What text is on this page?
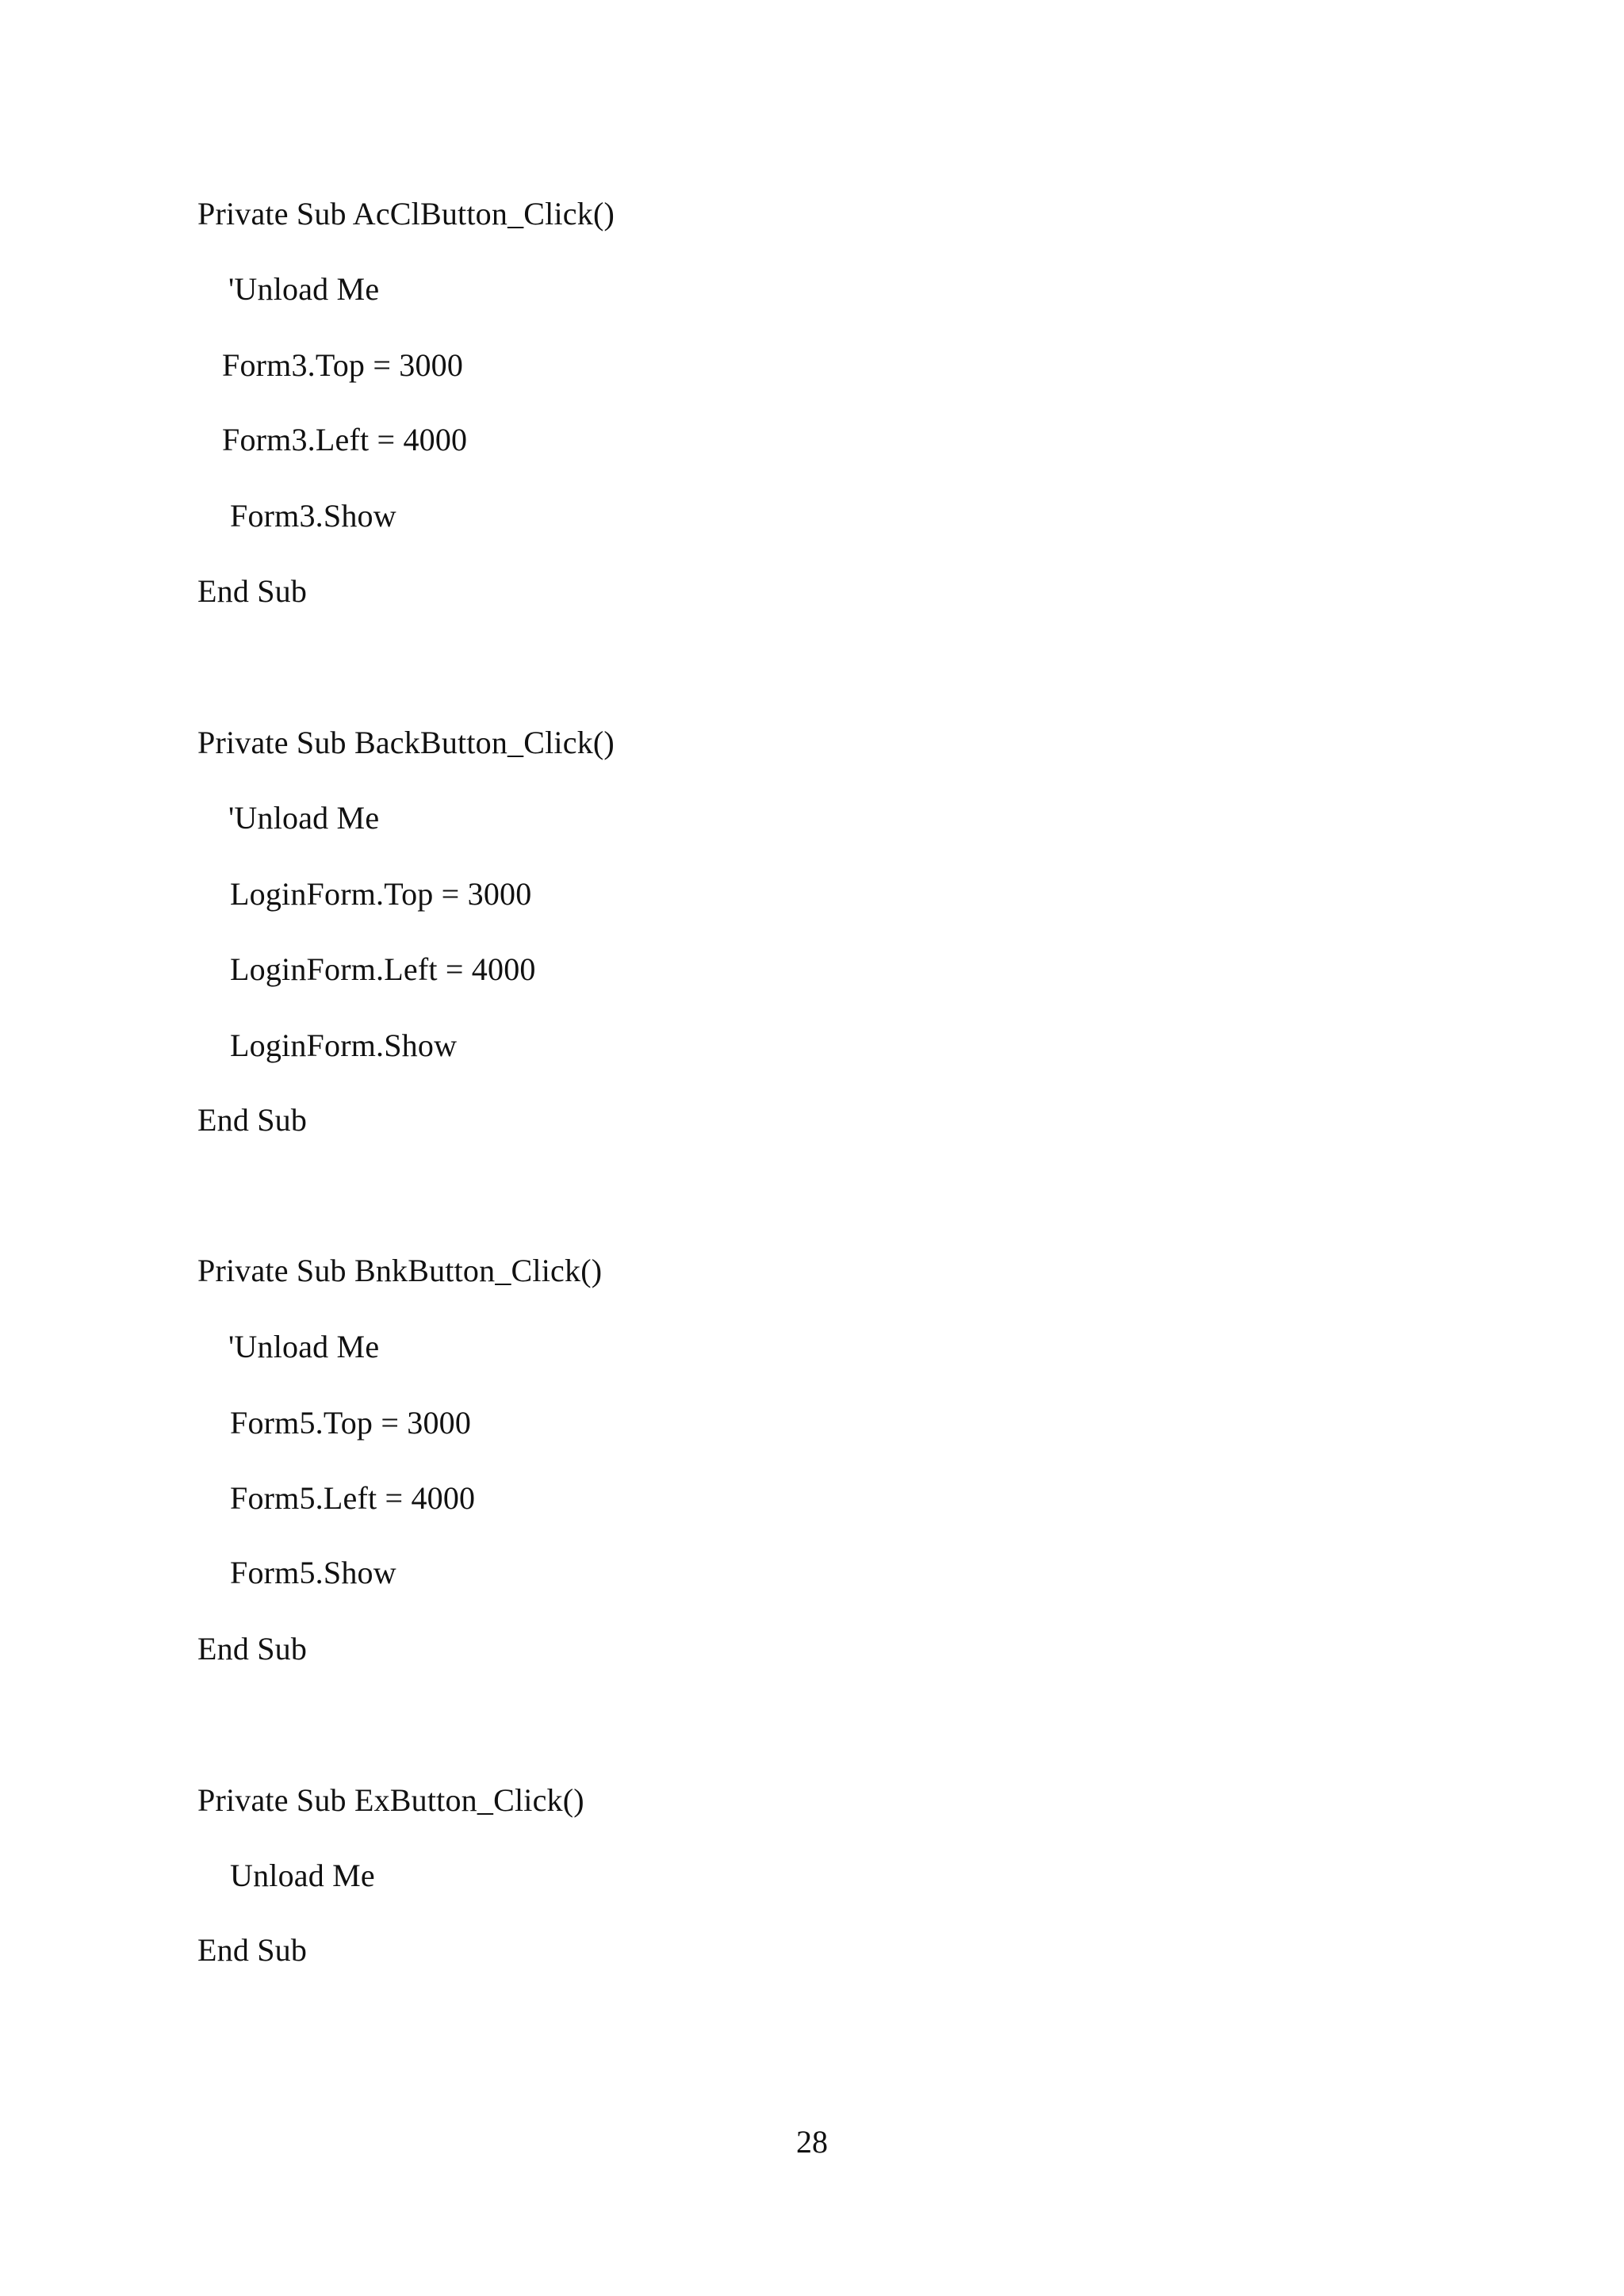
Private Sub AcClButton_Click()
'Unload Me
Form3.Top = 3000
Form3.Left = 4000
Form3.Show
End Sub
Private Sub BackButton_Click()
'Unload Me
LoginForm.Top = 3000
LoginForm.Left = 4000
LoginForm.Show
End Sub
Private Sub BnkButton_Click()
'Unload Me
Form5.Top = 3000
Form5.Left = 4000
Form5.Show
End Sub
Private Sub ExButton_Click()
Unload Me
End Sub
28
